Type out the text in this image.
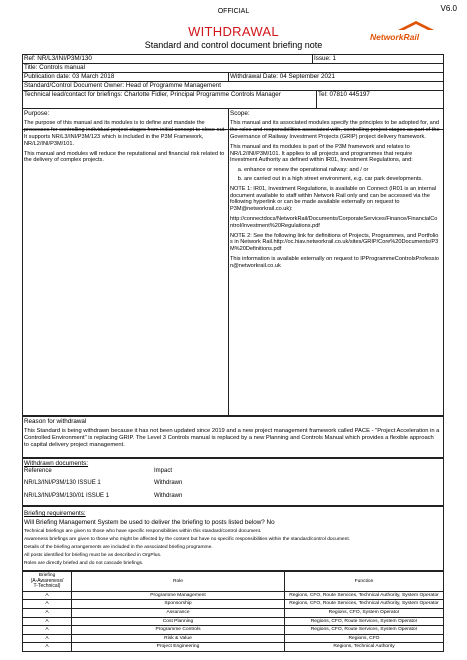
OFFICIAL	V6.0
WITHDRAWAL
Standard and control document briefing note
NetworkRail
Ref: NR/L3/INI/P3M/130	Issue: 1
Title: Controls manual
Publication date: 03 March 2018	Withdrawal Date: 04 September 2021
Standard/Control Document Owner: Head of Programme Management
Technical lead/contact for briefings: Charlotte Fidler, Principal Programme Controls Manager	Tel: 07810 445197
Purpose:
The purpose of this manual and its modules is to define and mandate the processes for controlling individual project stages from initial concept to close out. It supports NR/L3/INI/P3M/123 which is included in the P3M Framework, NR/L2/INI/P3M/101.
This manual and modules will reduce the reputational and financial risk related to the delivery of complex projects.
Scope:
This manual and its associated modules specify the principles to be adopted for, and the roles and responsibilities associated with, controlling project stages as part of the Governance of Railway Investment Projects (GRIP) project delivery framework.
This manual and its modules is part of the P3M framework and relates to NR/L2/INI/P3M/101. It applies to all projects and programmes that require Investment Authority as defined within IR01, Investment Regulations, and:
a. enhance or renew the operational railway: and / or
b. are carried out in a high street environment, e.g. car park developments.
NOTE 1: IR01, Investment Regulations, is available on Connect (IR01 is an internal document available to staff within Network Rail only and can be accessed via the following hyperlink or can be made available externally on request to P3M@networkrail.co.uk):
http://connectdocs/NetworkRail/Documents/CorporateServices/Finance/FinancialControl/Investment%20Regulations.pdf
NOTE 2: See the following link for definitions of Projects, Programmes, and Portfolios in Network Rail.http://oc.hiav.networkrail.co.uk/sites/GRIP/Core%20Documents/P3M%20Definitions.pdf
This information is available externally on request to IPProgrammeControlsProfession@networkrail.co.uk
Reason for withdrawal
This Standard is being withdrawn because it has not been updated since 2019 and a new project management framework called PACE - "Project Acceleration in a Controlled Environment" is replacing GRIP. The Level 3 Controls manual is replaced by a new Planning and Controls Manual which provides a flexible approach to capital delivery project management.
Withdrawn documents:
Reference	Impact
NR/L3/INI/P3M/130 ISSUE 1	Withdrawn
NR/L3/INI/P3M/130/01 ISSUE 1	Withdrawn
Briefing requirements:
Will Briefing Management System be used to deliver the briefing to posts listed below? No
Technical briefings are given to those who have specific responsibilities within this standard/control document.
Awareness briefings are given to those who might be affected by the content but have no specific responsibilities within the standard/control document.
Details of the briefing arrangements are included in the associated briefing programme.
All posts identified for briefing must be as described in OrgPlus.
Roles are directly briefed and do not cascade briefings.
Briefing
(A-Awareness/
T-Technical)	Role	Function
A	Programme Management	Regions, CFO, Route Services, Technical Authority, System Operator
A	Sponsorship	Regions, CFO, Route Services, Technical Authority, System Operator
A	Assurance	Regions, CFO, System Operator
A	Cost Planning	Regions, CFO, Route Services, System Operator
A	Programme Controls	Regions, CFO, Route Services, System Operator
A	Risk & Value	Regions, CFO
A	Project Engineering	Regions, Technical Authority
